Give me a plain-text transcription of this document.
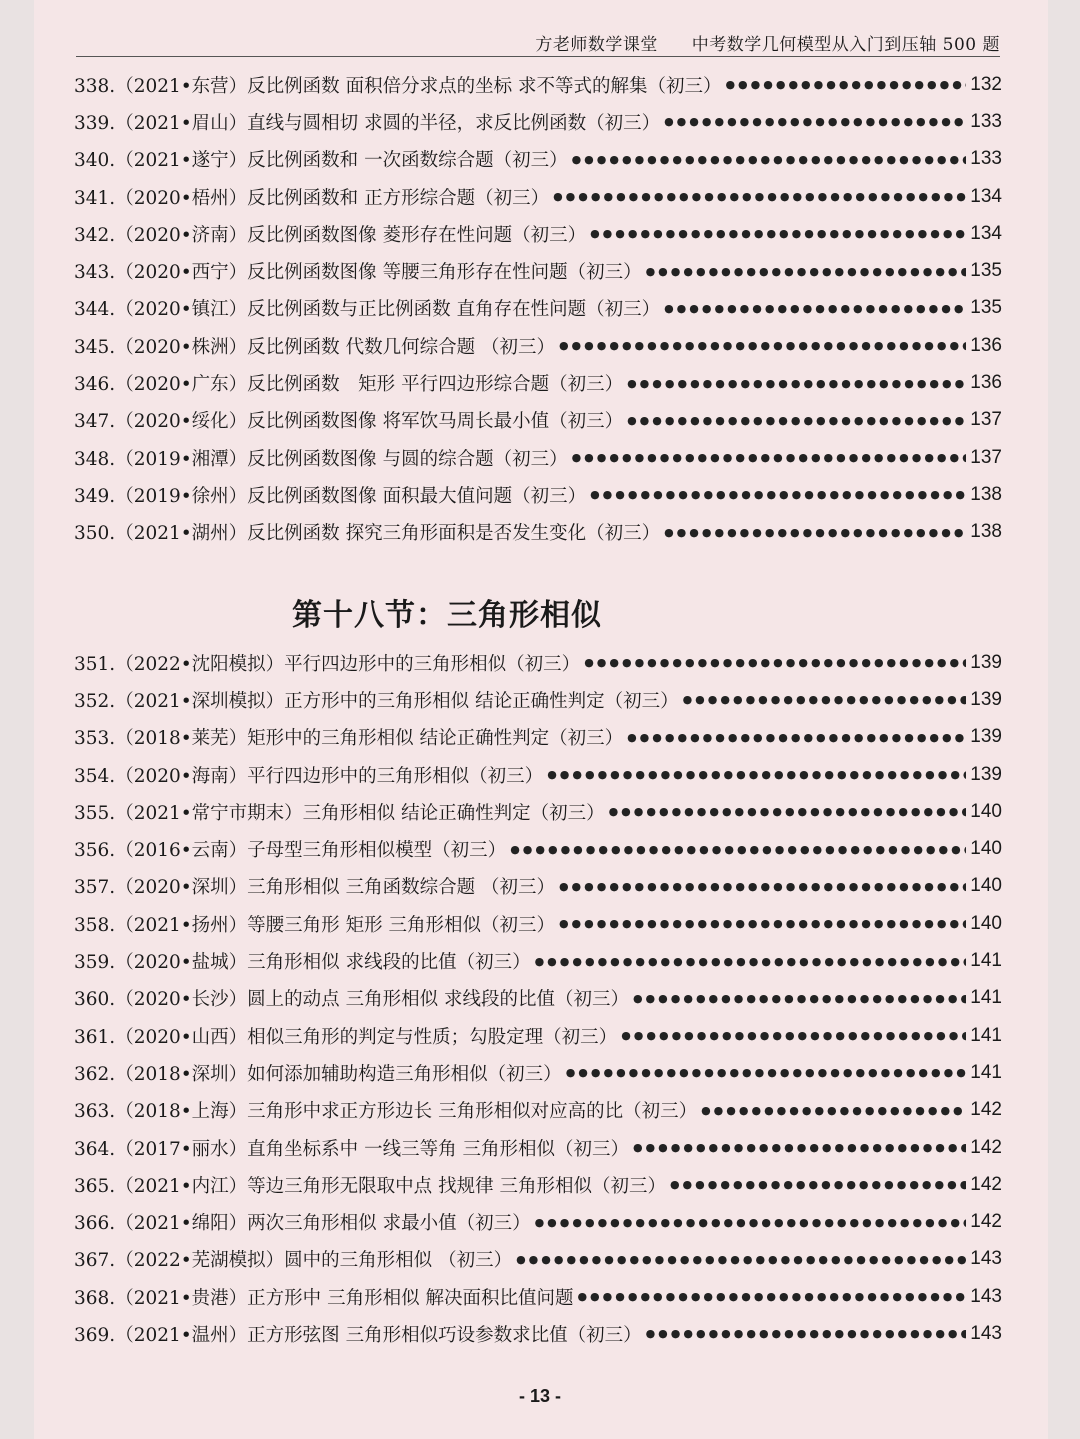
方老师数学课堂 中考数学几何模型从入门到压轴 500 题
338.（2021•东营）反比例函数 面积倍分求点的坐标 求不等式的解集（初三） ●●●●●●●●●●●●●●●●●●●●●●●●●●●●●●●●●●●●●●●●●●●●●●●●●●●●●●●●●●●●●●●●●●●●●●●●●●●●●●●●●●●●●●	132
339.（2021•眉山）直线与圆相切 求圆的半径，求反比例函数（初三） ●●●●●●●●●●●●●●●●●●●●●●●●●●●●●●●●●●●●●●●●●●●●●●●●●●●●●●●●●●●●●●●●●●●●●●●●●●●●●●●●●●●●●●	133
340.（2021•遂宁）反比例函数和 一次函数综合题（初三） ●●●●●●●●●●●●●●●●●●●●●●●●●●●●●●●●●●●●●●●●●●●●●●●●●●●●●●●●●●●●●●●●●●●●●●●●●●●●●●●●●●●●●●	133
341.（2020•梧州）反比例函数和 正方形综合题（初三） ●●●●●●●●●●●●●●●●●●●●●●●●●●●●●●●●●●●●●●●●●●●●●●●●●●●●●●●●●●●●●●●●●●●●●●●●●●●●●●●●●●●●●●	134
342.（2020•济南）反比例函数图像 菱形存在性问题（初三） ●●●●●●●●●●●●●●●●●●●●●●●●●●●●●●●●●●●●●●●●●●●●●●●●●●●●●●●●●●●●●●●●●●●●●●●●●●●●●●●●●●●●●●	134
343.（2020•西宁）反比例函数图像 等腰三角形存在性问题（初三） ●●●●●●●●●●●●●●●●●●●●●●●●●●●●●●●●●●●●●●●●●●●●●●●●●●●●●●●●●●●●●●●●●●●●●●●●●●●●●●●●●●●●●●	135
344.（2020•镇江）反比例函数与正比例函数 直角存在性问题（初三） ●●●●●●●●●●●●●●●●●●●●●●●●●●●●●●●●●●●●●●●●●●●●●●●●●●●●●●●●●●●●●●●●●●●●●●●●●●●●●●●●●●●●●●	135
345.（2020•株洲）反比例函数 代数几何综合题 （初三） ●●●●●●●●●●●●●●●●●●●●●●●●●●●●●●●●●●●●●●●●●●●●●●●●●●●●●●●●●●●●●●●●●●●●●●●●●●●●●●●●●●●●●●	136
346.（2020•广东）反比例函数　矩形 平行四边形综合题（初三） ●●●●●●●●●●●●●●●●●●●●●●●●●●●●●●●●●●●●●●●●●●●●●●●●●●●●●●●●●●●●●●●●●●●●●●●●●●●●●●●●●●●●●●	136
347.（2020•绥化）反比例函数图像 将军饮马周长最小值（初三） ●●●●●●●●●●●●●●●●●●●●●●●●●●●●●●●●●●●●●●●●●●●●●●●●●●●●●●●●●●●●●●●●●●●●●●●●●●●●●●●●●●●●●●	137
348.（2019•湘潭）反比例函数图像 与圆的综合题（初三） ●●●●●●●●●●●●●●●●●●●●●●●●●●●●●●●●●●●●●●●●●●●●●●●●●●●●●●●●●●●●●●●●●●●●●●●●●●●●●●●●●●●●●●	137
349.（2019•徐州）反比例函数图像 面积最大值问题（初三） ●●●●●●●●●●●●●●●●●●●●●●●●●●●●●●●●●●●●●●●●●●●●●●●●●●●●●●●●●●●●●●●●●●●●●●●●●●●●●●●●●●●●●●	138
350.（2021•湖州）反比例函数 探究三角形面积是否发生变化（初三） ●●●●●●●●●●●●●●●●●●●●●●●●●●●●●●●●●●●●●●●●●●●●●●●●●●●●●●●●●●●●●●●●●●●●●●●●●●●●●●●●●●●●●●	138
第十八节：三角形相似
351.（2022•沈阳模拟）平行四边形中的三角形相似（初三） ●●●●●●●●●●●●●●●●●●●●●●●●●●●●●●●●●●●●●●●●●●●●●●●●●●●●●●●●●●●●●●●●●●●●●●●●●●●●●●●●●●●●●●	139
352.（2021•深圳模拟）正方形中的三角形相似 结论正确性判定（初三） ●●●●●●●●●●●●●●●●●●●●●●●●●●●●●●●●●●●●●●●●●●●●●●●●●●●●●●●●●●●●●●●●●●●●●●●●●●●●●●●●●●●●●●	139
353.（2018•莱芜）矩形中的三角形相似 结论正确性判定（初三） ●●●●●●●●●●●●●●●●●●●●●●●●●●●●●●●●●●●●●●●●●●●●●●●●●●●●●●●●●●●●●●●●●●●●●●●●●●●●●●●●●●●●●●	139
354.（2020•海南）平行四边形中的三角形相似（初三） ●●●●●●●●●●●●●●●●●●●●●●●●●●●●●●●●●●●●●●●●●●●●●●●●●●●●●●●●●●●●●●●●●●●●●●●●●●●●●●●●●●●●●●	139
355.（2021•常宁市期末）三角形相似 结论正确性判定（初三） ●●●●●●●●●●●●●●●●●●●●●●●●●●●●●●●●●●●●●●●●●●●●●●●●●●●●●●●●●●●●●●●●●●●●●●●●●●●●●●●●●●●●●●	140
356.（2016•云南）子母型三角形相似模型（初三） ●●●●●●●●●●●●●●●●●●●●●●●●●●●●●●●●●●●●●●●●●●●●●●●●●●●●●●●●●●●●●●●●●●●●●●●●●●●●●●●●●●●●●●	140
357.（2020•深圳）三角形相似 三角函数综合题 （初三） ●●●●●●●●●●●●●●●●●●●●●●●●●●●●●●●●●●●●●●●●●●●●●●●●●●●●●●●●●●●●●●●●●●●●●●●●●●●●●●●●●●●●●●	140
358.（2021•扬州）等腰三角形 矩形 三角形相似（初三） ●●●●●●●●●●●●●●●●●●●●●●●●●●●●●●●●●●●●●●●●●●●●●●●●●●●●●●●●●●●●●●●●●●●●●●●●●●●●●●●●●●●●●●	140
359.（2020•盐城）三角形相似 求线段的比值（初三） ●●●●●●●●●●●●●●●●●●●●●●●●●●●●●●●●●●●●●●●●●●●●●●●●●●●●●●●●●●●●●●●●●●●●●●●●●●●●●●●●●●●●●●	141
360.（2020•长沙）圆上的动点 三角形相似 求线段的比值（初三） ●●●●●●●●●●●●●●●●●●●●●●●●●●●●●●●●●●●●●●●●●●●●●●●●●●●●●●●●●●●●●●●●●●●●●●●●●●●●●●●●●●●●●●	141
361.（2020•山西）相似三角形的判定与性质；勾股定理（初三） ●●●●●●●●●●●●●●●●●●●●●●●●●●●●●●●●●●●●●●●●●●●●●●●●●●●●●●●●●●●●●●●●●●●●●●●●●●●●●●●●●●●●●●	141
362.（2018•深圳）如何添加辅助构造三角形相似（初三） ●●●●●●●●●●●●●●●●●●●●●●●●●●●●●●●●●●●●●●●●●●●●●●●●●●●●●●●●●●●●●●●●●●●●●●●●●●●●●●●●●●●●●●	141
363.（2018•上海）三角形中求正方形边长 三角形相似对应高的比（初三） ●●●●●●●●●●●●●●●●●●●●●●●●●●●●●●●●●●●●●●●●●●●●●●●●●●●●●●●●●●●●●●●●●●●●●●●●●●●●●●●●●●●●●●	142
364.（2017•丽水）直角坐标系中 一线三等角 三角形相似（初三） ●●●●●●●●●●●●●●●●●●●●●●●●●●●●●●●●●●●●●●●●●●●●●●●●●●●●●●●●●●●●●●●●●●●●●●●●●●●●●●●●●●●●●●	142
365.（2021•内江）等边三角形无限取中点 找规律 三角形相似（初三） ●●●●●●●●●●●●●●●●●●●●●●●●●●●●●●●●●●●●●●●●●●●●●●●●●●●●●●●●●●●●●●●●●●●●●●●●●●●●●●●●●●●●●●	142
366.（2021•绵阳）两次三角形相似 求最小值（初三） ●●●●●●●●●●●●●●●●●●●●●●●●●●●●●●●●●●●●●●●●●●●●●●●●●●●●●●●●●●●●●●●●●●●●●●●●●●●●●●●●●●●●●●	142
367.（2022•芜湖模拟）圆中的三角形相似 （初三） ●●●●●●●●●●●●●●●●●●●●●●●●●●●●●●●●●●●●●●●●●●●●●●●●●●●●●●●●●●●●●●●●●●●●●●●●●●●●●●●●●●●●●●	143
368.（2021•贵港）正方形中 三角形相似 解决面积比值问题 ●●●●●●●●●●●●●●●●●●●●●●●●●●●●●●●●●●●●●●●●●●●●●●●●●●●●●●●●●●●●●●●●●●●●●●●●●●●●●●●●●●●●●●	143
369.（2021•温州）正方形弦图 三角形相似巧设参数求比值（初三） ●●●●●●●●●●●●●●●●●●●●●●●●●●●●●●●●●●●●●●●●●●●●●●●●●●●●●●●●●●●●●●●●●●●●●●●●●●●●●●●●●●●●●●	143
- 13 -
